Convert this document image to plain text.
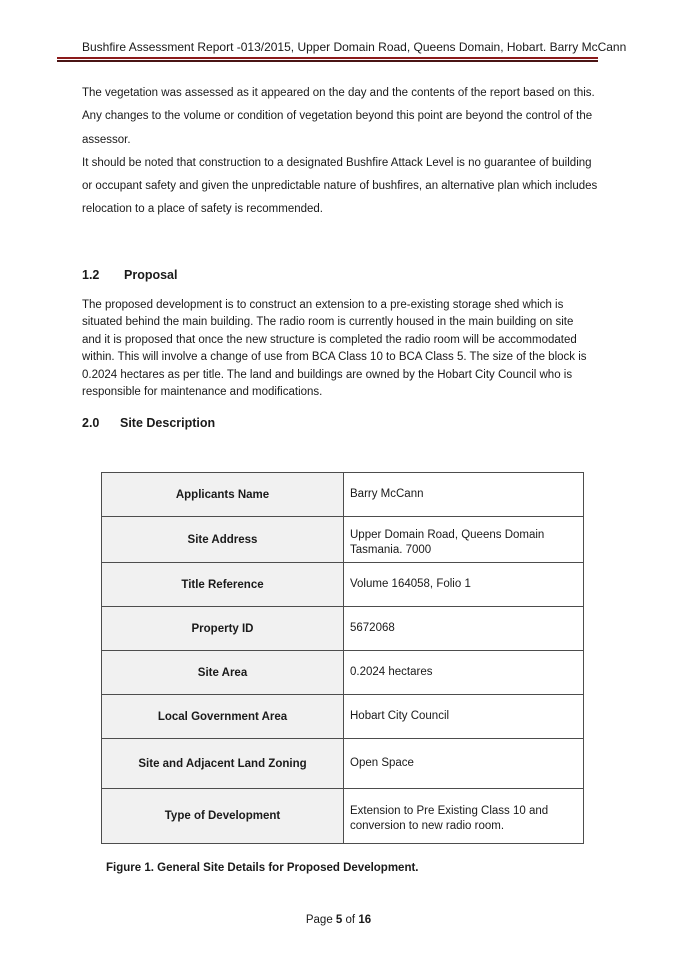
Bushfire Assessment Report -013/2015, Upper Domain Road, Queens Domain, Hobart. Barry McCann

The vegetation was assessed as it appeared on the day and the contents of the report based on this. Any changes to the volume or condition of vegetation beyond this point are beyond the control of the assessor.

It should be noted that construction to a designated Bushfire Attack Level is no guarantee of building or occupant safety and given the unpredictable nature of bushfires, an alternative plan which includes relocation to a place of safety is recommended.

1.2 Proposal

The proposed development is to construct an extension to a pre-existing storage shed which is situated behind the main building. The radio room is currently housed in the main building on site and it is proposed that once the new structure is completed the radio room will be accommodated within. This will involve a change of use from BCA Class 10 to BCA Class 5. The size of the block is 0.2024 hectares as per title. The land and buildings are owned by the Hobart City Council who is responsible for maintenance and modifications.

2.0 Site Description
Applicants Name	Barry McCann
Site Address	Upper Domain Road, Queens Domain Tasmania. 7000
Title Reference	Volume 164058, Folio 1
Property ID	5672068
Site Area	0.2024 hectares
Local Government Area	Hobart City Council
Site and Adjacent Land Zoning	Open Space
Type of Development	Extension to Pre Existing Class 10 and conversion to new radio room.
Figure 1. General Site Details for Proposed Development.
Page 5 of 16
